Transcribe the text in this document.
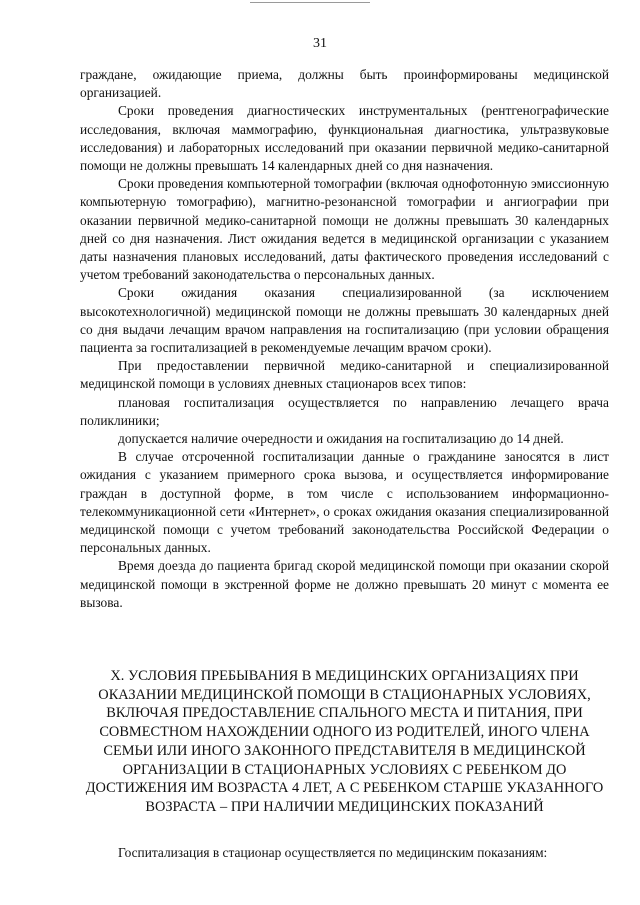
31

граждане, ожидающие приема, должны быть проинформированы медицинской организацией.

Сроки проведения диагностических инструментальных (рентгенографические исследования, включая маммографию, функциональная диагностика, ультразвуковые исследования) и лабораторных исследований при оказании первичной медико-санитарной помощи не должны превышать 14 календарных дней со дня назначения.

Сроки проведения компьютерной томографии (включая однофотонную эмиссионную компьютерную томографию), магнитно-резонансной томографии и ангиографии при оказании первичной медико-санитарной помощи не должны превышать 30 календарных дней со дня назначения. Лист ожидания ведется в медицинской организации с указанием даты назначения плановых исследований, даты фактического проведения исследований с учетом требований законодательства о персональных данных.

Сроки ожидания оказания специализированной (за исключением высокотехнологичной) медицинской помощи не должны превышать 30 календарных дней со дня выдачи лечащим врачом направления на госпитализацию (при условии обращения пациента за госпитализацией в рекомендуемые лечащим врачом сроки).

При предоставлении первичной медико-санитарной и специализированной медицинской помощи в условиях дневных стационаров всех типов:

плановая госпитализация осуществляется по направлению лечащего врача поликлиники;

допускается наличие очередности и ожидания на госпитализацию до 14 дней.

В случае отсроченной госпитализации данные о гражданине заносятся в лист ожидания с указанием примерного срока вызова, и осуществляется информирование граждан в доступной форме, в том числе с использованием информационно-телекоммуникационной сети «Интернет», о сроках ожидания оказания специализированной медицинской помощи с учетом требований законодательства Российской Федерации о персональных данных.

Время доезда до пациента бригад скорой медицинской помощи при оказании скорой медицинской помощи в экстренной форме не должно превышать 20 минут с момента ее вызова.

X. УСЛОВИЯ ПРЕБЫВАНИЯ В МЕДИЦИНСКИХ ОРГАНИЗАЦИЯХ ПРИ ОКАЗАНИИ МЕДИЦИНСКОЙ ПОМОЩИ В СТАЦИОНАРНЫХ УСЛОВИЯХ, ВКЛЮЧАЯ ПРЕДОСТАВЛЕНИЕ СПАЛЬНОГО МЕСТА И ПИТАНИЯ, ПРИ СОВМЕСТНОМ НАХОЖДЕНИИ ОДНОГО ИЗ РОДИТЕЛЕЙ, ИНОГО ЧЛЕНА СЕМЬИ ИЛИ ИНОГО ЗАКОННОГО ПРЕДСТАВИТЕЛЯ В МЕДИЦИНСКОЙ ОРГАНИЗАЦИИ В СТАЦИОНАРНЫХ УСЛОВИЯХ С РЕБЕНКОМ ДО ДОСТИЖЕНИЯ ИМ ВОЗРАСТА 4 ЛЕТ, А С РЕБЕНКОМ СТАРШЕ УКАЗАННОГО ВОЗРАСТА – ПРИ НАЛИЧИИ МЕДИЦИНСКИХ ПОКАЗАНИЙ
Госпитализация в стационар осуществляется по медицинским показаниям:
